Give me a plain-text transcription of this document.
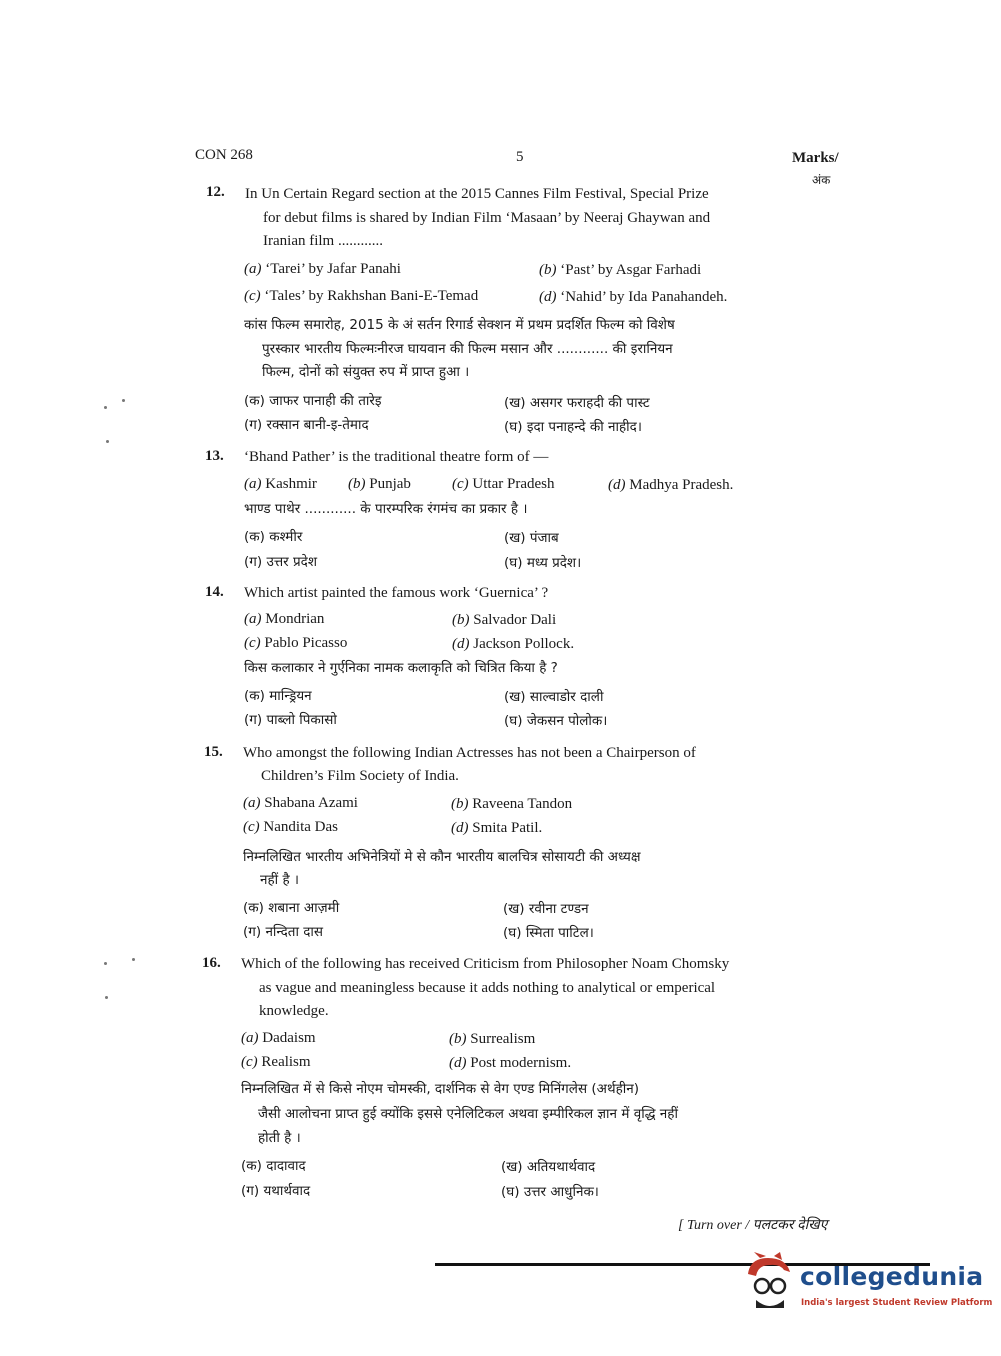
CON 268	5	Marks/
अंक
12. In Un Certain Regard section at the 2015 Cannes Film Festival, Special Prize
for debut films is shared by Indian Film ‘Masaan’ by Neeraj Ghaywan and
Iranian film ............
(a) ‘Tarei’ by Jafar Panahi	(b) ‘Past’ by Asgar Farhadi
(c) ‘Tales’ by Rakhshan Bani-E-Temad	(d) ‘Nahid’ by Ida Panahandeh.
कांस फिल्म समारोह, 2015 के अं सर्तन रिगार्ड सेक्शन में प्रथम प्रदर्शित फिल्म को विशेष
पुरस्कार भारतीय फिल्मःनीरज घायवान की फिल्म मसान और ............ की इरानियन
फिल्म, दोनों को संयुक्त रुप में प्राप्त हुआ ।
(क) जाफर पानाही की तारेइ	(ख) असगर फराहदी की पास्ट
(ग) रक्सान बानी-इ-तेमाद	(घ) इदा पनाहन्दे की नाहीद।
13. ‘Bhand Pather’ is the traditional theatre form of —
(a) Kashmir (b) Punjab	(c) Uttar Pradesh	(d) Madhya Pradesh.
भाण्ड पाथेर ............ के पारम्परिक रंगमंच का प्रकार है ।
(क) कश्मीर	(ख) पंजाब
(ग) उत्तर प्रदेश	(घ) मध्य प्रदेश।
14. Which artist painted the famous work ‘Guernica’ ?
(a) Mondrian	(b) Salvador Dali
(c) Pablo Picasso	(d) Jackson Pollock.
किस कलाकार ने गुर्एनिका नामक कलाकृति को चित्रित किया है ?
(क) मान्ड्रियन	(ख) साल्वाडोर दाली
(ग) पाब्लो पिकासो	(घ) जेकसन पोलोक।
15. Who amongst the following Indian Actresses has not been a Chairperson of
Children’s Film Society of India.
(a) Shabana Azami	(b) Raveena Tandon
(c) Nandita Das	(d) Smita Patil.
निम्नलिखित भारतीय अभिनेत्रियों मे से कौन भारतीय बालचित्र सोसायटी की अध्यक्ष
नहीं है ।
(क) शबाना आज़मी	(ख) रवीना टण्डन
(ग) नन्दिता दास	(घ) स्मिता पाटिल।
16. Which of the following has received Criticism from Philosopher Noam Chomsky
as vague and meaningless because it adds nothing to analytical or emperical
knowledge.
(a) Dadaism	(b) Surrealism
(c) Realism	(d) Post modernism.
निम्नलिखित में से किसे नोएम चोमस्की, दार्शनिक से वेग एण्ड मिनिंगलेस (अर्थहीन)
जैसी आलोचना प्राप्त हुई क्योंकि इससे एनेलिटिकल अथवा इम्पीरिकल ज्ञान में वृद्धि नहीं
होती है ।
(क) दादावाद	(ख) अतियथार्थवाद
(ग) यथार्थवाद	(घ) उत्तर आधुनिक।
[ Turn over / पलटकर देखिए
collegedunia
India's largest Student Review Platform
